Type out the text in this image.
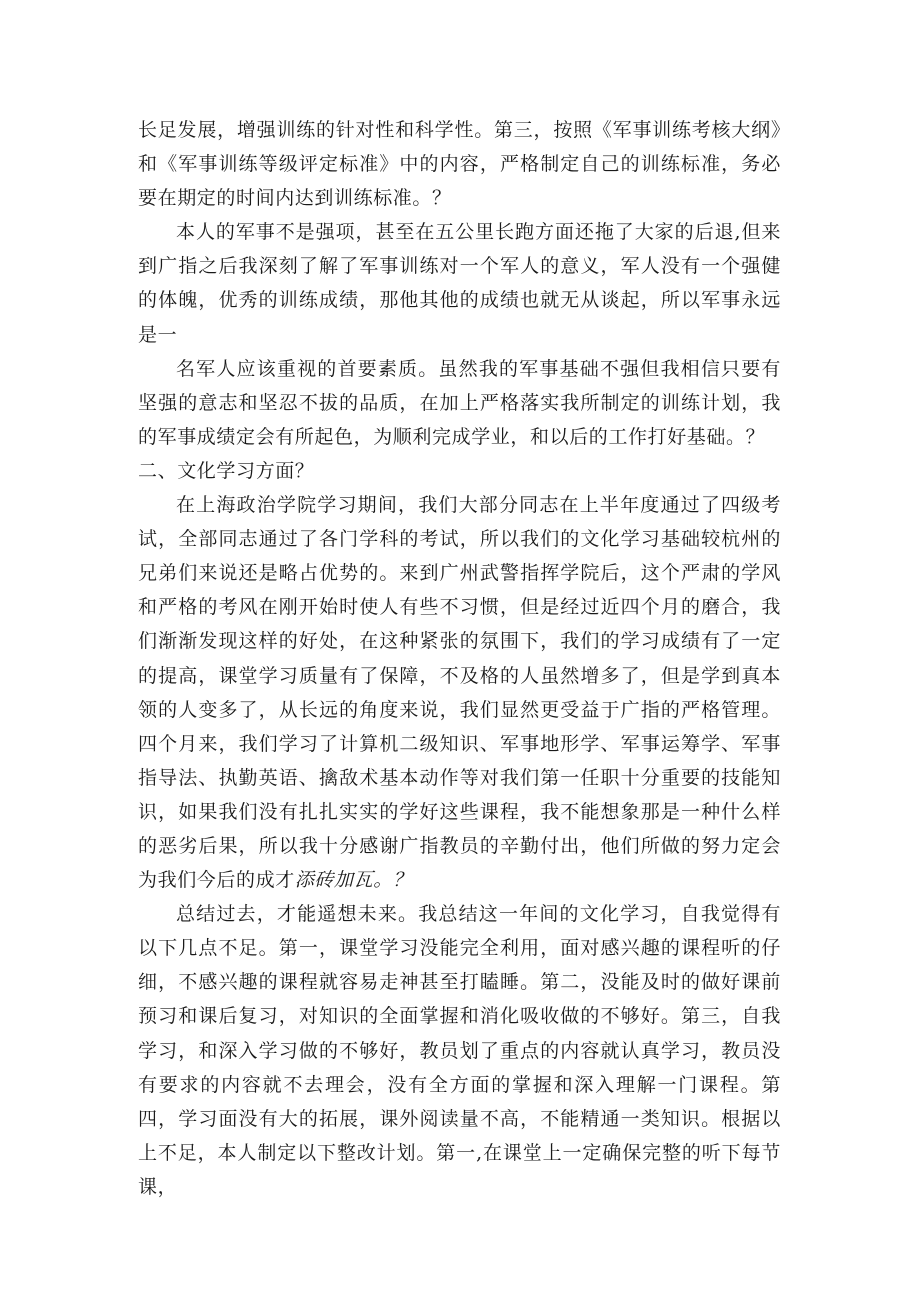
长足发展，增强训练的针对性和科学性。第三，按照《军事训练考核大纲》和《军事训练等级评定标准》中的内容，严格制定自己的训练标准，务必要在期定的时间内达到训练标准。？

本人的军事不是强项，甚至在五公里长跑方面还拖了大家的后退,但来到广指之后我深刻了解了军事训练对一个军人的意义，军人没有一个强健的体魄，优秀的训练成绩，那他其他的成绩也就无从谈起，所以军事永远是一

名军人应该重视的首要素质。虽然我的军事基础不强但我相信只要有坚强的意志和坚忍不拔的品质，在加上严格落实我所制定的训练计划，我的军事成绩定会有所起色，为顺利完成学业，和以后的工作打好基础。？

二、文化学习方面？

在上海政治学院学习期间，我们大部分同志在上半年度通过了四级考试，全部同志通过了各门学科的考试，所以我们的文化学习基础较杭州的兄弟们来说还是略占优势的。来到广州武警指挥学院后，这个严肃的学风和严格的考风在刚开始时使人有些不习惯，但是经过近四个月的磨合，我们渐渐发现这样的好处，在这种紧张的氛围下，我们的学习成绩有了一定的提高，课堂学习质量有了保障，不及格的人虽然增多了，但是学到真本领的人变多了，从长远的角度来说，我们显然更受益于广指的严格管理。四个月来，我们学习了计算机二级知识、军事地形学、军事运筹学、军事指导法、执勤英语、擒敌术基本动作等对我们第一任职十分重要的技能知识，如果我们没有扎扎实实的学好这些课程，我不能想象那是一种什么样的恶劣后果，所以我十分感谢广指教员的辛勤付出，他们所做的努力定会为我们今后的成才添砖加瓦。？

总结过去，才能遥想未来。我总结这一年间的文化学习，自我觉得有以下几点不足。第一，课堂学习没能完全利用，面对感兴趣的课程听的仔细，不感兴趣的课程就容易走神甚至打瞌睡。第二，没能及时的做好课前预习和课后复习，对知识的全面掌握和消化吸收做的不够好。第三，自我学习，和深入学习做的不够好，教员划了重点的内容就认真学习，教员没有要求的内容就不去理会，没有全方面的掌握和深入理解一门课程。第四，学习面没有大的拓展，课外阅读量不高，不能精通一类知识。根据以上不足，本人制定以下整改计划。第一,在课堂上一定确保完整的听下每节课，
